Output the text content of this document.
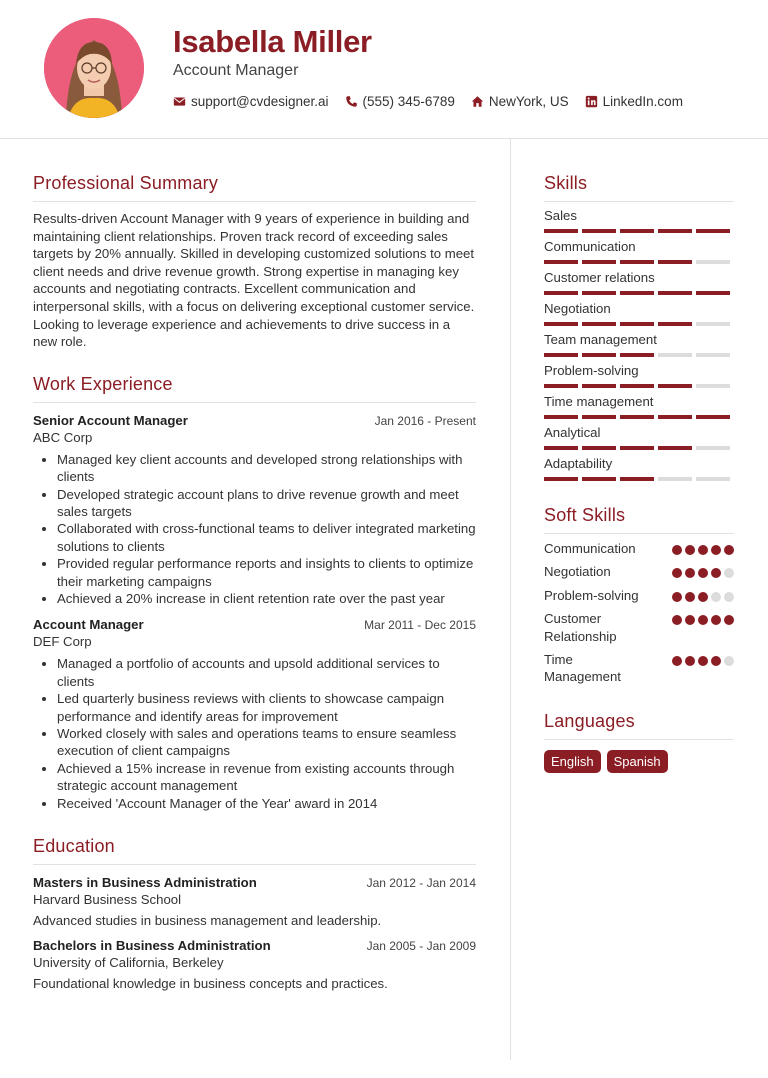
Isabella Miller
Account Manager
support@cvdesigner.ai	(555) 345-6789	NewYork, US	LinkedIn.com
Professional Summary

Results-driven Account Manager with 9 years of experience in building and maintaining client relationships. Proven track record of exceeding sales targets by 20% annually. Skilled in developing customized solutions to meet client needs and drive revenue growth. Strong expertise in managing key accounts and negotiating contracts. Excellent communication and interpersonal skills, with a focus on delivering exceptional customer service. Looking to leverage experience and achievements to drive success in a new role.

Work Experience
Senior Account Manager	Jan 2016 - Present
ABC Corp
• Managed key client accounts and developed strong relationships with clients
• Developed strategic account plans to drive revenue growth and meet sales targets
• Collaborated with cross-functional teams to deliver integrated marketing solutions to clients
• Provided regular performance reports and insights to clients to optimize their marketing campaigns
• Achieved a 20% increase in client retention rate over the past year
Account Manager	Mar 2011 - Dec 2015
DEF Corp
• Managed a portfolio of accounts and upsold additional services to clients
• Led quarterly business reviews with clients to showcase campaign performance and identify areas for improvement
• Worked closely with sales and operations teams to ensure seamless execution of client campaigns
• Achieved a 15% increase in revenue from existing accounts through strategic account management
• Received 'Account Manager of the Year' award in 2014
Education
Masters in Business Administration	Jan 2012 - Jan 2014
Harvard Business School
Advanced studies in business management and leadership.
Bachelors in Business Administration	Jan 2005 - Jan 2009
University of California, Berkeley
Foundational knowledge in business concepts and practices.
Skills
Sales
Communication
Customer relations
Negotiation
Team management
Problem-solving
Time management
Analytical
Adaptability
Soft Skills
Communication
Negotiation
Problem-solving
Customer Relationship
Time Management
Languages
English	Spanish
